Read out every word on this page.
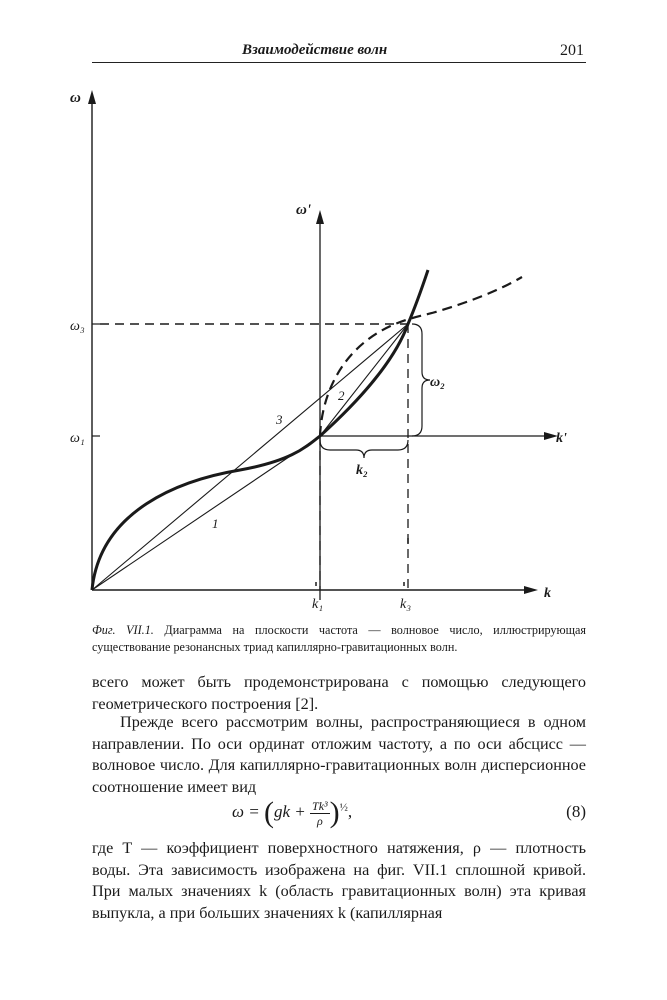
Взаимодействие волн	201
ω
ω'
k
k'
ω₁
ω₃
ω₂
k₁	k₃
k₂
1
2
3
Фиг. VII.1. Диаграмма на плоскости частота — волновое число, иллюстрирующая существование резонансных триад капиллярно-гравитационных волн.

всего может быть продемонстрирована с помощью следующего геометрического построения [2].

Прежде всего рассмотрим волны, распространяющиеся в одном направлении. По оси ординат отложим частоту, а по оси абсцисс — волновое число. Для капиллярно-гравитационных волн дисперсионное соотношение имеет вид

$\omega = (gk + \frac{\text{Tk³}}{\rho} )^{\frac{1}{2}}$,	(8)

где T — коэффициент поверхностного натяжения, ρ — плотность воды. Эта зависимость изображена на фиг. VII.1 сплошной кривой. При малых значениях k (область гравитационных волн) эта кривая выпукла, а при больших значениях k (капиллярная
